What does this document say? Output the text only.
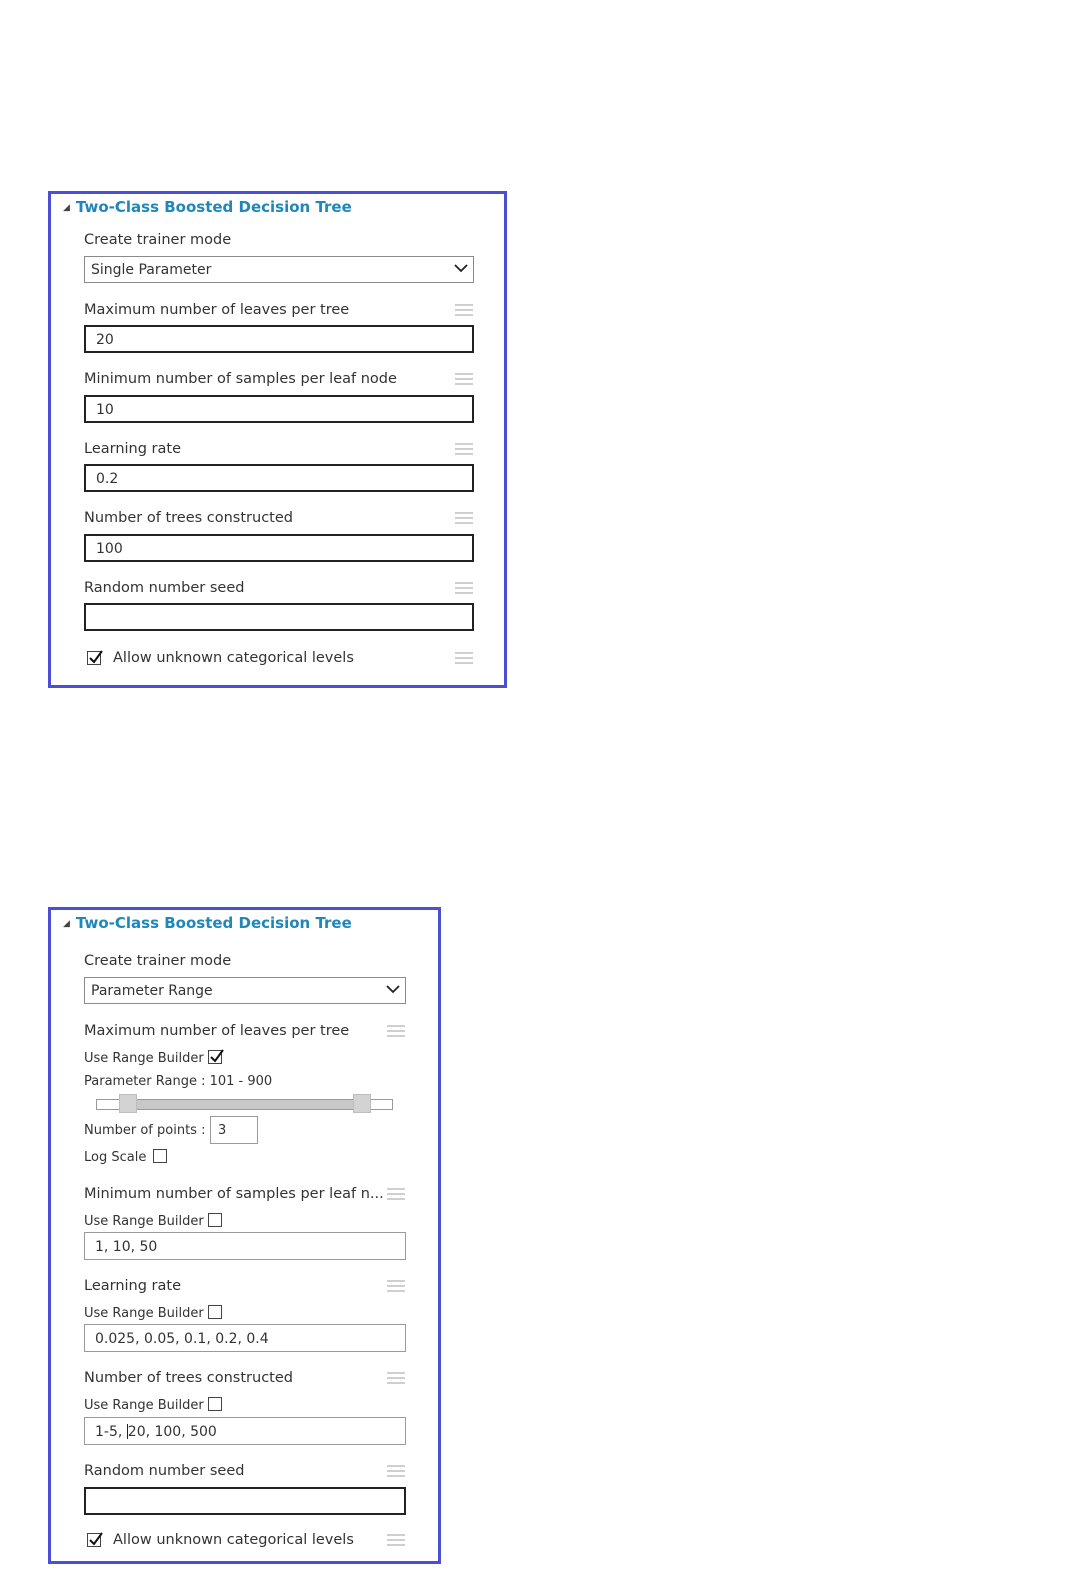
◢ Two-Class Boosted Decision Tree
Create trainer mode
Single Parameter
Maximum number of leaves per tree
20
Minimum number of samples per leaf node
10
Learning rate
0.2
Number of trees constructed
100
Random number seed
Allow unknown categorical levels
◢ Two-Class Boosted Decision Tree
Create trainer mode
Parameter Range
Maximum number of leaves per tree
Use Range Builder
Parameter Range : 101 - 900
Number of points : 3
Log Scale
Minimum number of samples per leaf n...
Use Range Builder
1, 10, 50
Learning rate
Use Range Builder
0.025, 0.05, 0.1, 0.2, 0.4
Number of trees constructed
Use Range Builder
1-5, 20, 100, 500
Random number seed
Allow unknown categorical levels
